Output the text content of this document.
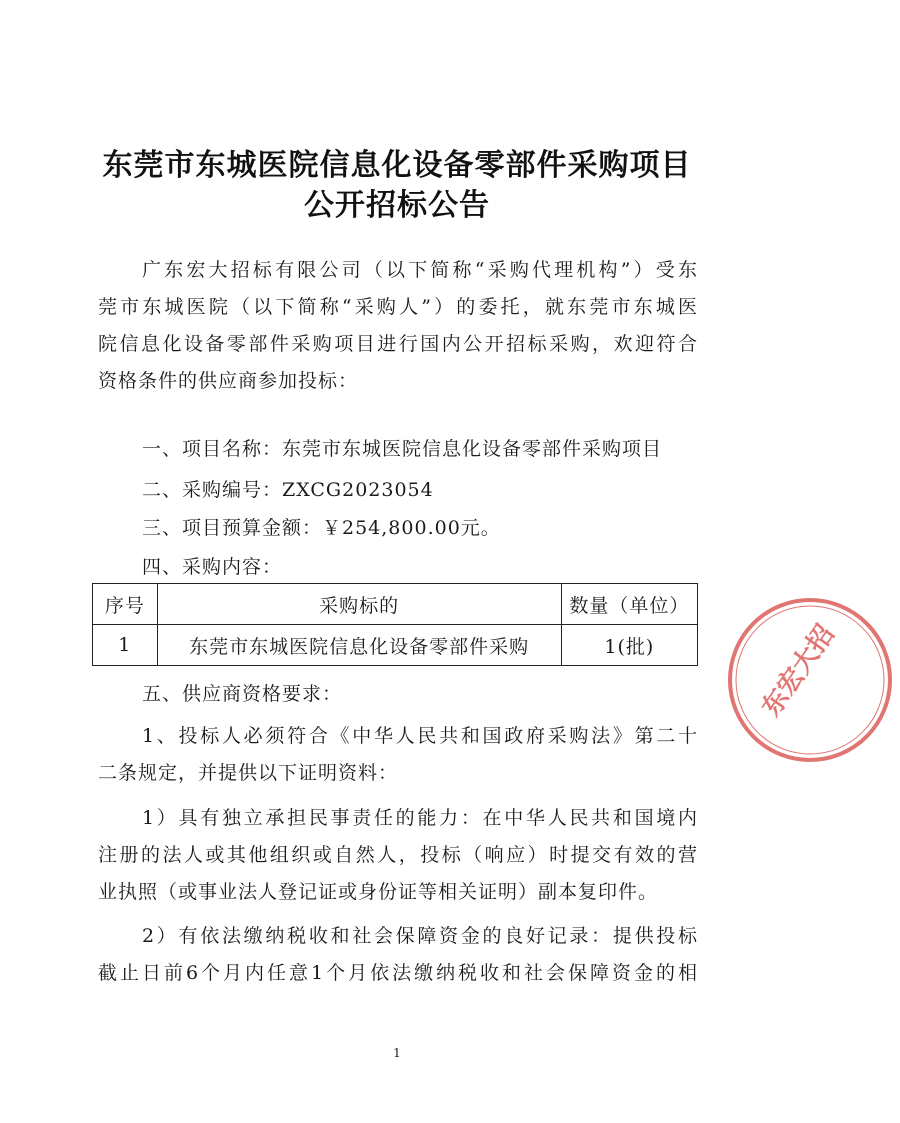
东莞市东城医院信息化设备零部件采购项目
公开招标公告
广东宏大招标有限公司（以下简称“采购代理机构”）受东
莞市东城医院（以下简称“采购人”）的委托，就东莞市东城医
院信息化设备零部件采购项目进行国内公开招标采购，欢迎符合
资格条件的供应商参加投标：
一、项目名称：东莞市东城医院信息化设备零部件采购项目
二、采购编号：ZXCG2023054
三、项目预算金额：￥254,800.00元。
四、采购内容：
序号	采购标的	数量（单位）
1	东莞市东城医院信息化设备零部件采购	1(批)
五、供应商资格要求：
1、投标人必须符合《中华人民共和国政府采购法》第二十
二条规定，并提供以下证明资料：
1）具有独立承担民事责任的能力：在中华人民共和国境内
注册的法人或其他组织或自然人，投标（响应）时提交有效的营
业执照（或事业法人登记证或身份证等相关证明）副本复印件。
2）有依法缴纳税收和社会保障资金的良好记录：提供投标
截止日前6个月内任意1个月依法缴纳税收和社会保障资金的相
1
东宏大招
